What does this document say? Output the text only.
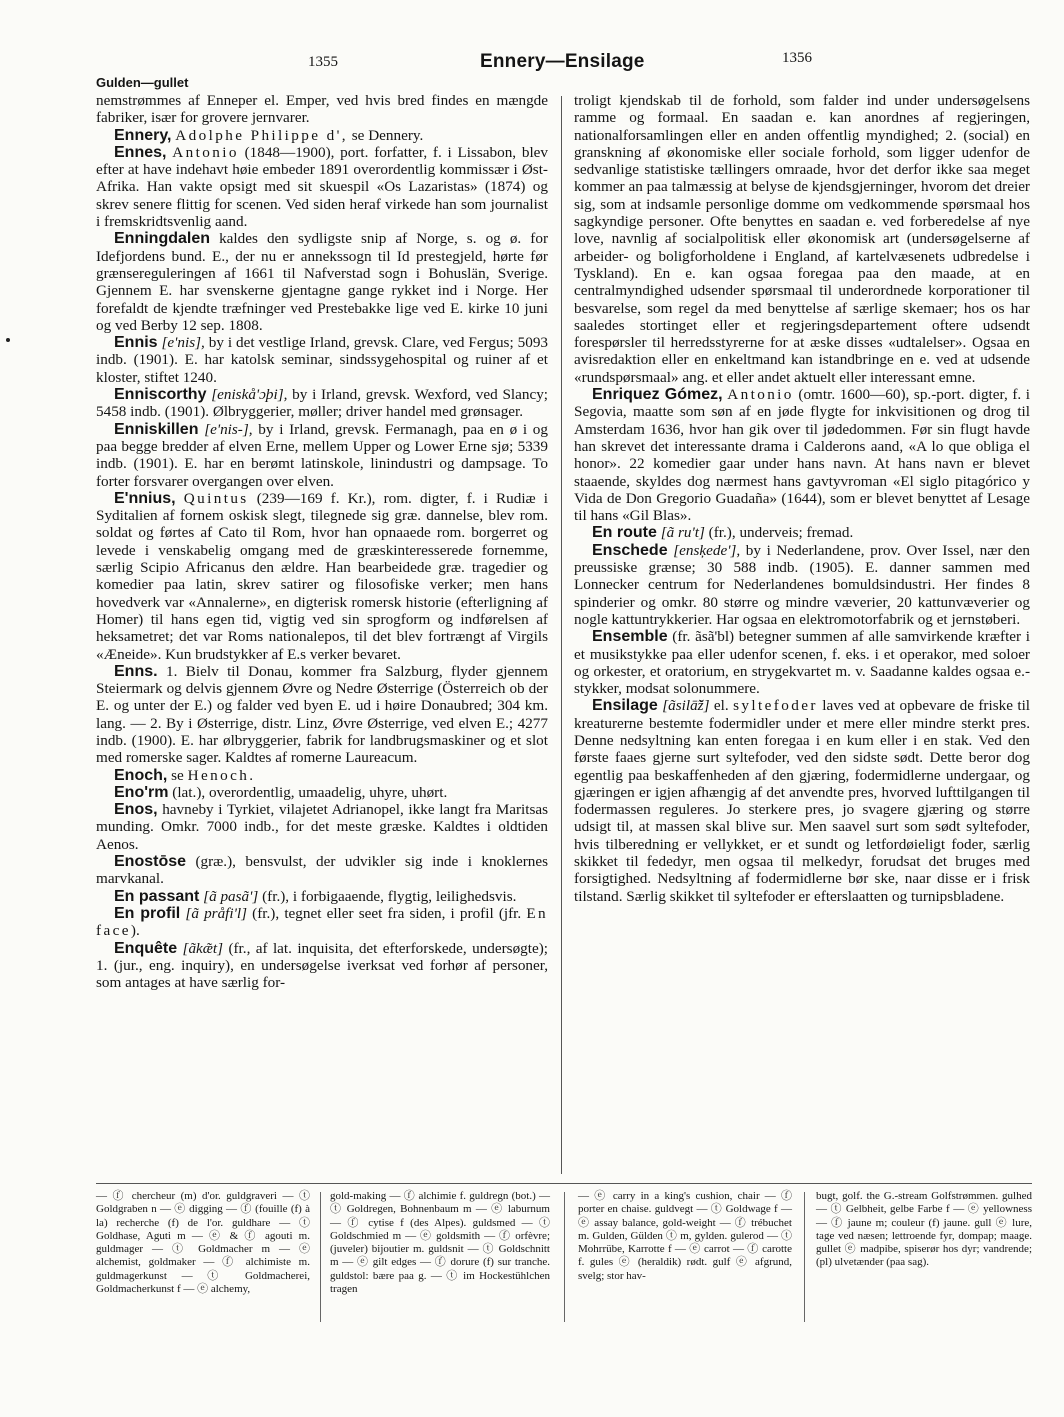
1355	Ennery—Ensilage	1356
Gulden—gullet

nemstrømmes af Enneper el. Emper, ved hvis bred findes en mængde fabriker, især for grovere jernvarer.

Ennery, Adolphe Philippe d', se Dennery.

Ennes, Antonio (1848—1900), port. forfatter, f. i Lissabon, blev efter at have indehavt høie embeder 1891 overordentlig kommissær i Øst-Afrika. Han vakte opsigt med sit skuespil «Os Lazaristas» (1874) og skrev senere flittig for scenen. Ved siden heraf virkede han som journalist i fremskridtsvenlig aand.

Enningdalen kaldes den sydligste snip af Norge, s. og ø. for Idefjordens bund. E., der nu er annekssogn til Id prestegjeld, hørte før grænsereguleringen af 1661 til Nafverstad sogn i Bohuslän, Sverige. Gjennem E. har svenskerne gjentagne gange rykket ind i Norge. Her forefaldt de kjendte træfninger ved Prestebakke lige ved E. kirke 10 juni og ved Berby 12 sep. 1808.

Ennis [e'nis], by i det vestlige Irland, grevsk. Clare, ved Fergus; 5093 indb. (1901). E. har katolsk seminar, sindssygehospital og ruiner af et kloster, stiftet 1240.

Enniscorthy [eniskå'ɔþi], by i Irland, grevsk. Wexford, ved Slancy; 5458 indb. (1901). Ølbryggerier, møller; driver handel med grønsager.

Enniskillen [e'nis-], by i Irland, grevsk. Fermanagh, paa en ø i og paa begge bredder af elven Erne, mellem Upper og Lower Erne sjø; 5339 indb. (1901). E. har en berømt latinskole, linindustri og dampsage. To forter forsvarer overgangen over elven.

E'nnius, Quintus (239—169 f. Kr.), rom. digter, f. i Rudiæ i Syditalien af fornem oskisk slegt, tilegnede sig græ. dannelse, blev rom. soldat og førtes af Cato til Rom, hvor han opnaaede rom. borgerret og levede i venskabelig omgang med de græskinteresserede fornemme, særlig Scipio Africanus den ældre. Han bearbeidede græ. tragedier og komedier paa latin, skrev satirer og filosofiske verker; men hans hovedverk var «Annalerne», en digterisk romersk historie (efterligning af Homer) til hans egen tid, vigtig ved sin sprogform og indførelsen af heksametret; det var Roms nationalepos, til det blev fortrængt af Virgils «Æneide». Kun brudstykker af E.s verker bevaret.

Enns. 1. Bielv til Donau, kommer fra Salzburg, flyder gjennem Steiermark og delvis gjennem Øvre og Nedre Østerrige (Österreich ob der E. og unter der E.) og falder ved byen E. ud i høire Donaubred; 304 km. lang. — 2. By i Østerrige, distr. Linz, Øvre Østerrige, ved elven E.; 4277 indb. (1900). E. har ølbryggerier, fabrik for landbrugsmaskiner og et slot med romerske sager. Kaldtes af romerne Laureacum.

Enoch, se Henoch.

Eno'rm (lat.), overordentlig, umaadelig, uhyre, uhørt.

Enos, havneby i Tyrkiet, vilajetet Adrianopel, ikke langt fra Maritsas munding. Omkr. 7000 indb., for det meste græske. Kaldtes i oldtiden Aenos.

Enostōse (græ.), bensvulst, der udvikler sig inde i knoklernes marvkanal.

En passant [ã pasã'] (fr.), i forbigaaende, flygtig, leilighedsvis.

En profil [ã pråfi'l] (fr.), tegnet eller seet fra siden, i profil (jfr. En face).

Enquête [ãkæ̃t] (fr., af lat. inquisita, det efterforskede, undersøgte); 1. (jur., eng. inquiry), en undersøgelse iverksat ved forhør af personer, som antages at have særlig for-

troligt kjendskab til de forhold, som falder ind under undersøgelsens ramme og formaal. En saadan e. kan anordnes af regjeringen, nationalforsamlingen eller en anden offentlig myndighed; 2. (social) en granskning af økonomiske eller sociale forhold, som ligger udenfor de sedvanlige statistiske tællingers omraade, hvor det derfor ikke saa meget kommer an paa talmæssig at belyse de kjendsgjerninger, hvorom det dreier sig, som at indsamle personlige domme om vedkommende spørsmaal hos sagkyndige personer. Ofte benyttes en saadan e. ved forberedelse af nye love, navnlig af socialpolitisk eller økonomisk art (undersøgelserne af arbeider- og boligforholdene i England, af kartelvæsenets udbredelse i Tyskland). En e. kan ogsaa foregaa paa den maade, at en centralmyndighed udsender spørsmaal til underordnede korporationer til besvarelse, som regel da med benyttelse af særlige skemaer; hos os har saaledes stortinget eller et regjeringsdepartement oftere udsendt forespørsler til herredsstyrerne for at æske disses «udtalelser». Ogsaa en avisredaktion eller en enkeltmand kan istandbringe en e. ved at udsende «rundspørsmaal» ang. et eller andet aktuelt eller interessant emne.

Enriquez Gómez, Antonio (omtr. 1600—60), sp.-port. digter, f. i Segovia, maatte som søn af en jøde flygte for inkvisitionen og drog til Amsterdam 1636, hvor han gik over til jødedommen. Før sin flugt havde han skrevet det interessante drama i Calderons aand, «A lo que obliga el honor». 22 komedier gaar under hans navn. At hans navn er blevet staaende, skyldes dog nærmest hans gavtyvroman «El siglo pitagórico y Vida de Don Gregorio Guadaña» (1644), som er blevet benyttet af Lesage til hans «Gil Blas».

En route [ã ru't] (fr.), underveis; fremad.

Enschede [ensķede'], by i Nederlandene, prov. Over Issel, nær den preussiske grænse; 30 588 indb. (1905). E. danner sammen med Lonnecker centrum for Nederlandenes bomuldsindustri. Her findes 8 spinderier og omkr. 80 større og mindre væverier, 20 kattunvæverier og nogle kattuntrykkerier. Har ogsaa en elektromotorfabrik og et jernstøberi.

Ensemble (fr. ãsã'bl) betegner summen af alle samvirkende kræfter i et musikstykke paa eller udenfor scenen, f. eks. i et operakor, med soloer og orkester, et oratorium, en strygekvartet m. v. Saadanne kaldes ogsaa e.-stykker, modsat solonummere.

Ensilage [ãsilā̃ž] el. syltefoder laves ved at opbevare de friske til kreaturerne bestemte fodermidler under et mere eller mindre sterkt pres. Denne nedsyltning kan enten foregaa i en kum eller i en stak. Ved den første faaes gjerne surt syltefoder, ved den sidste sødt. Dette beror dog egentlig paa beskaffenheden af den gjæring, fodermidlerne undergaar, og gjæringen er igjen afhængig af det anvendte pres, hvorved lufttilgangen til fodermassen reguleres. Jo sterkere pres, jo svagere gjæring og større udsigt til, at massen skal blive sur. Men saavel surt som sødt syltefoder, hvis tilberedning er vellykket, er et sundt og letfordøieligt foder, særlig skikket til fededyr, men ogsaa til melkedyr, forudsat det bruges med forsigtighed. Nedsyltning af fodermidlerne bør ske, naar disse er i frisk tilstand. Særlig skikket til syltefoder er efterslaatten og turnipsbladene.

— ⓕ chercheur (m) d'or. guldgraveri — ⓣ Goldgraben n — ⓔ digging — ⓕ (fouille (f) à la) recherche (f) de l'or. guldhare — ⓣ Goldhase, Aguti m — ⓔ & ⓕ agouti m. guldmager — ⓣ Goldmacher m — ⓔ alchemist, goldmaker — ⓕ alchimiste m. guldmagerkunst — ⓣ Goldmacherei, Goldmacherkunst f — ⓔ alchemy,
gold-making — ⓕ alchimie f. guldregn (bot.) — ⓣ Goldregen, Bohnenbaum m — ⓔ laburnum — ⓕ cytise f (des Alpes). guldsmed — ⓣ Goldschmied m — ⓔ goldsmith — ⓕ orfèvre; (juveler) bijoutier m. guldsnit — ⓣ Goldschnitt m — ⓔ gilt edges — ⓕ dorure (f) sur tranche. guldstol: bære paa g. — ⓣ im Hockestühlchen tragen
— ⓔ carry in a king's cushion, chair — ⓕ porter en chaise. guldvegt — ⓣ Goldwage f — ⓔ assay balance, gold-weight — ⓕ trébuchet m. Gulden, Gülden ⓣ m, gylden. gulerod — ⓣ Mohrrübe, Karrotte f — ⓔ carrot — ⓕ carotte f. gules ⓔ (heraldik) rødt. gulf ⓔ afgrund, svelg; stor hav-
bugt, golf. the G.-stream Golfstrømmen. gulhed — ⓣ Gelbheit, gelbe Farbe f — ⓔ yellowness — ⓕ jaune m; couleur (f) jaune. gull ⓔ lure, tage ved næsen; lettroende fyr, dompap; maage. gullet ⓔ madpibe, spiserør hos dyr; vandrende; (pl) ulvetænder (paa sag).
